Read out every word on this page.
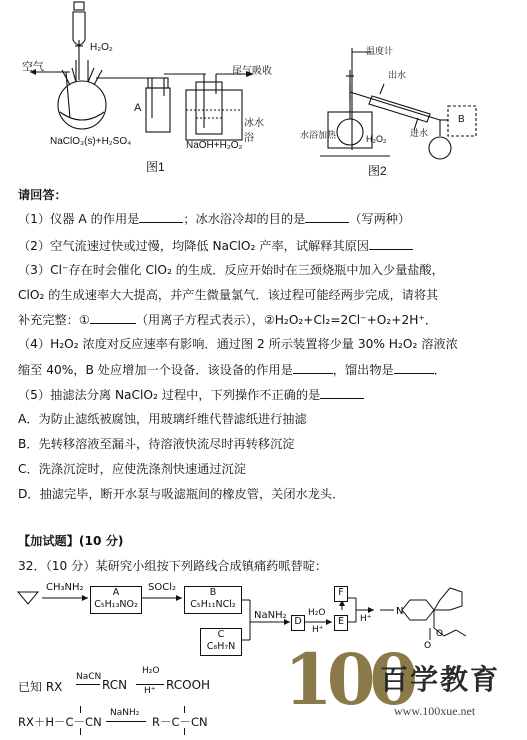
空气
H₂O₂
尾气吸收
A
冰水浴
NaClO₃(s)+H₂SO₄	NaOH+H₂O₂
图1
温度计
出水
进水
B
水浴加热	H₂O₂
图2
请回答：
（1）仪器 A 的作用是	；冰水浴冷却的目的是	（写两种）
（2）空气流速过快或过慢，均降低 NaClO₂ 产率，试解释其原因
（3）Cl⁻存在时会催化 ClO₂ 的生成．反应开始时在三颈烧瓶中加入少量盐酸，
ClO₂ 的生成速率大大提高，并产生微量氯气．该过程可能经两步完成，请将其
补充完整：①	（用离子方程式表示），②H₂O₂+Cl₂=2Cl⁻+O₂+2H⁺．
（4）H₂O₂ 浓度对反应速率有影响．通过图 2 所示装置将少量 30% H₂O₂ 溶液浓
缩至 40%，B 处应增加一个设备．该设备的作用是	，馏出物是	．
（5）抽滤法分离 NaClO₂ 过程中，下列操作不正确的是
A．为防止滤纸被腐蚀，用玻璃纤维代替滤纸进行抽滤
B．先转移溶液至漏斗，待溶液快流尽时再转移沉淀
C．洗涤沉淀时，应使洗涤剂快速通过沉淀
D．抽滤完毕，断开水泵与吸滤瓶间的橡皮管，关闭水龙头．
【加试题】(10 分)
32．（10 分）某研究小组按下列路线合成镇痛药哌替啶：
N
O
O
CH₃NH₂	A
C₅H₁₃NO₂
SOCl₂	B
C₅H₁₁NCl₂
C
C₈H₇N
NaNH₂
D
H₂O
H⁺
E
F
H⁺
已知 RX
NaCN
RCN
H₂O
H⁺ RCOOH
RX＋H－C－CN
NaNH₂
R－C－CN
100
百学教育
www.100xue.net
